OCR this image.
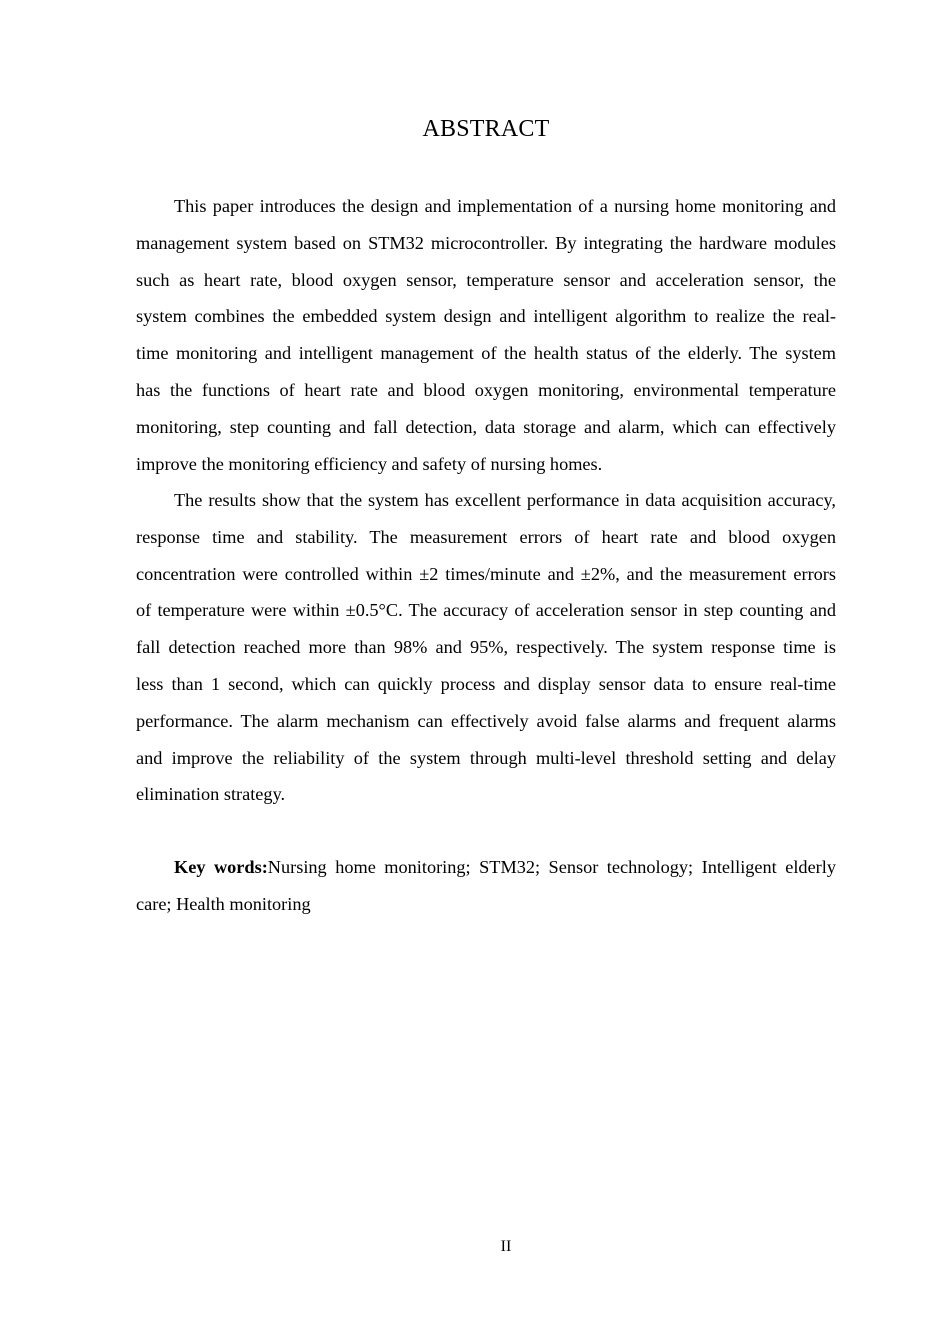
ABSTRACT
This paper introduces the design and implementation of a nursing home monitoring and
management system based on STM32 microcontroller. By integrating the hardware modules
such as heart rate, blood oxygen sensor, temperature sensor and acceleration sensor, the
system combines the embedded system design and intelligent algorithm to realize the real-
time monitoring and intelligent management of the health status of the elderly. The system
has the functions of heart rate and blood oxygen monitoring, environmental temperature
monitoring, step counting and fall detection, data storage and alarm, which can effectively
improve the monitoring efficiency and safety of nursing homes.
The results show that the system has excellent performance in data acquisition accuracy,
response time and stability. The measurement errors of heart rate and blood oxygen
concentration were controlled within ±2 times/minute and ±2%, and the measurement errors
of temperature were within ±0.5°C. The accuracy of acceleration sensor in step counting and
fall detection reached more than 98% and 95%, respectively. The system response time is
less than 1 second, which can quickly process and display sensor data to ensure real-time
performance. The alarm mechanism can effectively avoid false alarms and frequent alarms
and improve the reliability of the system through multi-level threshold setting and delay
elimination strategy.
Key words:Nursing home monitoring; STM32; Sensor technology; Intelligent elderly
care; Health monitoring
II
